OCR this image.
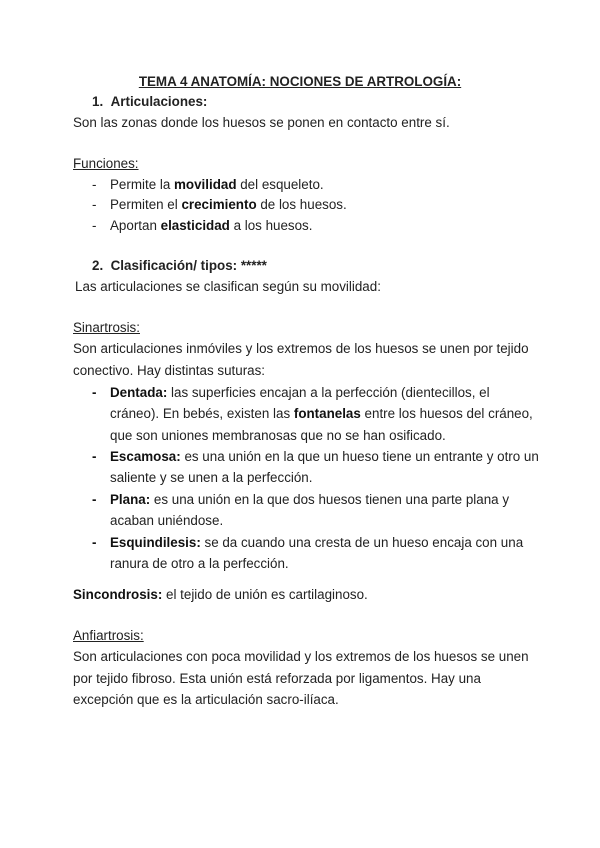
TEMA 4 ANATOMÍA: NOCIONES DE ARTROLOGÍA:
1. Articulaciones:
Son las zonas donde los huesos se ponen en contacto entre sí.
Funciones:
- Permite la movilidad del esqueleto.
- Permiten el crecimiento de los huesos.
- Aportan elasticidad a los huesos.
2. Clasificación/ tipos: *****
Las articulaciones se clasifican según su movilidad:
Sinartrosis:
Son articulaciones inmóviles y los extremos de los huesos se unen por tejido
conectivo. Hay distintas suturas:
- Dentada: las superficies encajan a la perfección (dientecillos, el
cráneo). En bebés, existen las fontanelas entre los huesos del cráneo,
que son uniones membranosas que no se han osificado.
- Escamosa: es una unión en la que un hueso tiene un entrante y otro un
saliente y se unen a la perfección.
- Plana: es una unión en la que dos huesos tienen una parte plana y
acaban uniéndose.
- Esquindilesis: se da cuando una cresta de un hueso encaja con una
ranura de otro a la perfección.
Sincondrosis: el tejido de unión es cartilaginoso.
Anfiartrosis:
Son articulaciones con poca movilidad y los extremos de los huesos se unen
por tejido fibroso. Esta unión está reforzada por ligamentos. Hay una
excepción que es la articulación sacro-ilíaca.
